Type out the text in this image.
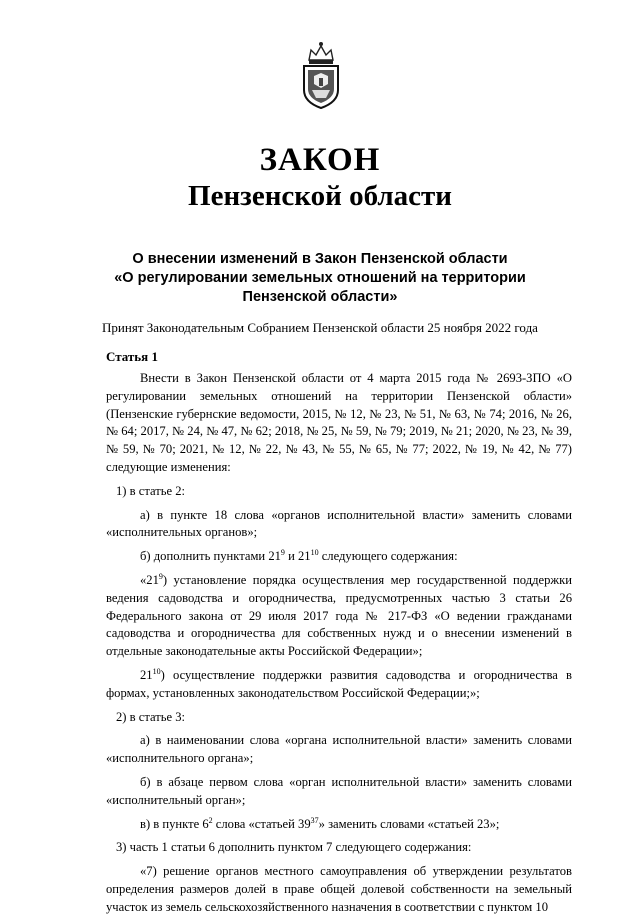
ЗАКОН
Пензенской области
О внесении изменений в Закон Пензенской области
«О регулировании земельных отношений на территории
Пензенской области»
Принят Законодательным Собранием Пензенской области 25 ноября 2022 года
Статья 1

Внести в Закон Пензенской области от 4 марта 2015 года № 2693-ЗПО «О регулировании земельных отношений на территории Пензенской области» (Пензенские губернские ведомости, 2015, № 12, № 23, № 51, № 63, № 74; 2016, № 26, № 64; 2017, № 24, № 47, № 62; 2018, № 25, № 59, № 79; 2019, № 21; 2020, № 23, № 39, № 59, № 70; 2021, № 12, № 22, № 43, № 55, № 65, № 77; 2022, № 19, № 42, № 77) следующие изменения:

1) в статье 2:

а) в пункте 18 слова «органов исполнительной власти» заменить словами «исполнительных органов»;

б) дополнить пунктами $21^9$ и $21^{10}$ следующего содержания:

«$21^9$) установление порядка осуществления мер государственной поддержки ведения садоводства и огородничества, предусмотренных частью 3 статьи 26 Федерального закона от 29 июля 2017 года № 217-ФЗ «О ведении гражданами садоводства и огородничества для собственных нужд и о внесении изменений в отдельные законодательные акты Российской Федерации»;

$21^{10}$) осуществление поддержки развития садоводства и огородничества в формах, установленных законодательством Российской Федерации;»;

2) в статье 3:

а) в наименовании слова «органа исполнительной власти» заменить словами «исполнительного органа»;

б) в абзаце первом слова «орган исполнительной власти» заменить словами «исполнительный орган»;

в) в пункте $6^2$ слова «статьей $39^{37}$» заменить словами «статьей 23»;

3) часть 1 статьи 6 дополнить пунктом 7 следующего содержания:

«7) решение органов местного самоуправления об утверждении результатов определения размеров долей в праве общей долевой собственности на земельный участок из земель сельскохозяйственного назначения в соответствии с пунктом 10
